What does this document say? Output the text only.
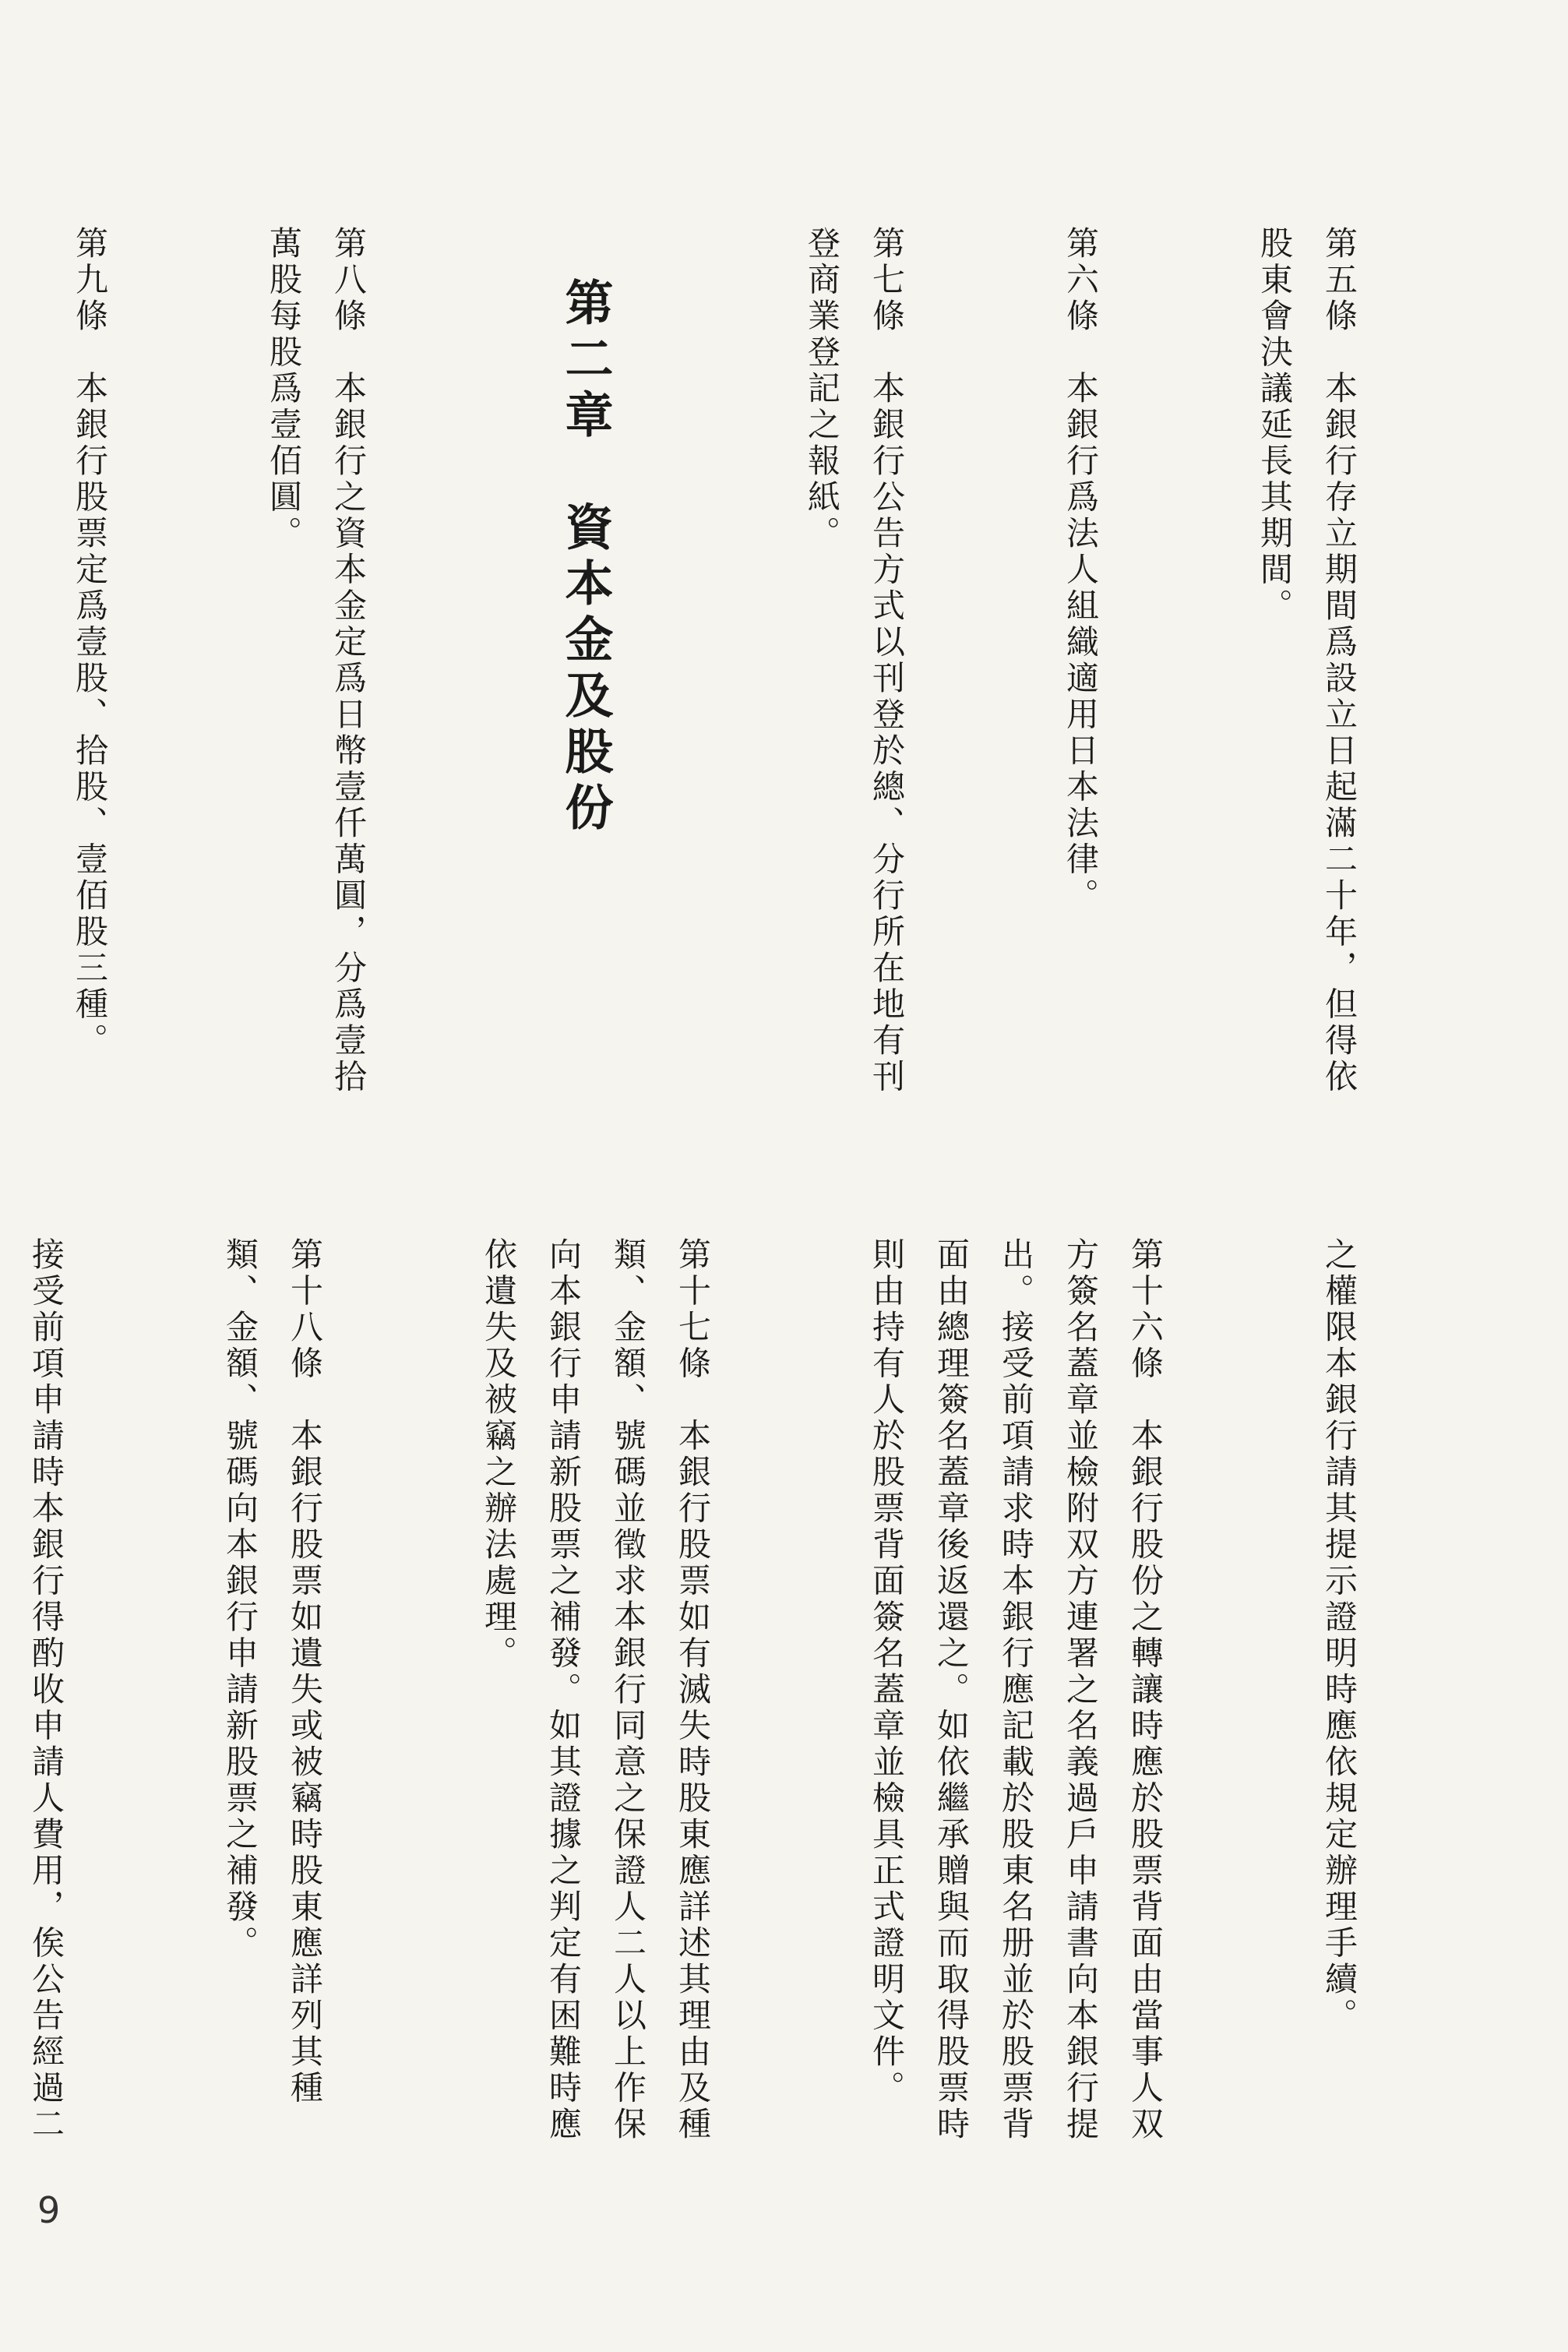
第五條　本銀行存立期間爲設立日起滿二十年，但得依股東會決議延長其期間。

第六條　本銀行爲法人組織適用日本法律。

第七條　本銀行公告方式以刊登於總、分行所在地有刊登商業登記之報紙。

第二章　資本金及股份

第八條　本銀行之資本金定爲日幣壹仟萬圓，分爲壹拾萬股每股爲壹佰圓。

第九條　本銀行股票定爲壹股、拾股、壹佰股三種。

之權限本銀行請其提示證明時應依規定辦理手續。

第十六條　本銀行股份之轉讓時應於股票背面由當事人双方簽名蓋章並檢附双方連署之名義過戶申請書向本銀行提出。接受前項請求時本銀行應記載於股東名册並於股票背面由總理簽名蓋章後返還之。如依繼承贈與而取得股票時則由持有人於股票背面簽名蓋章並檢具正式證明文件。

第十七條　本銀行股票如有滅失時股東應詳述其理由及種類、金額、號碼並徵求本銀行同意之保證人二人以上作保向本銀行申請新股票之補發。如其證據之判定有困難時應依遺失及被竊之辦法處理。

第十八條　本銀行股票如遺失或被竊時股東應詳列其種類、金額、號碼向本銀行申請新股票之補發。

接受前項申請時本銀行得酌收申請人費用，俟公告經過二

9
